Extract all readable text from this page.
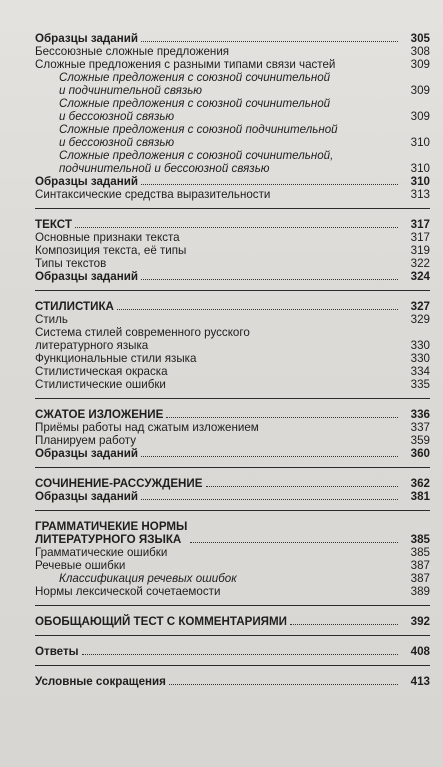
Образцы заданий	305
Бессоюзные сложные предложения	308
Сложные предложения с разными типами связи частей	309
Сложные предложения с союзной сочинительной
и подчинительной связью	309
Сложные предложения с союзной сочинительной
и бессоюзной связью	309
Сложные предложения с союзной подчинительной
и бессоюзной связью	310
Сложные предложения с союзной сочинительной,
подчинительной и бессоюзной связью	310
Образцы заданий	310
Синтаксические средства выразительности	313
ТЕКСТ	317
Основные признаки текста	317
Композиция текста, её типы	319
Типы текстов	322
Образцы заданий	324
СТИЛИСТИКА	327
Стиль	329
Система стилей современного русского
литературного языка	330
Функциональные стили языка	330
Стилистическая окраска	334
Стилистические ошибки	335
СЖАТОЕ ИЗЛОЖЕНИЕ	336
Приёмы работы над сжатым изложением	337
Планируем работу	359
Образцы заданий	360
СОЧИНЕНИЕ-РАССУЖДЕНИЕ	362
Образцы заданий	381
ГРАММАТИЧЕКИЕ НОРМЫ
ЛИТЕРАТУРНОГО ЯЗЫКА	385
Грамматические ошибки	385
Речевые ошибки	387
Классификация речевых ошибок	387
Нормы лексической сочетаемости	389
ОБОБЩАЮЩИЙ ТЕСТ С КОММЕНТАРИЯМИ	392
Ответы	408
Условные сокращения	413
